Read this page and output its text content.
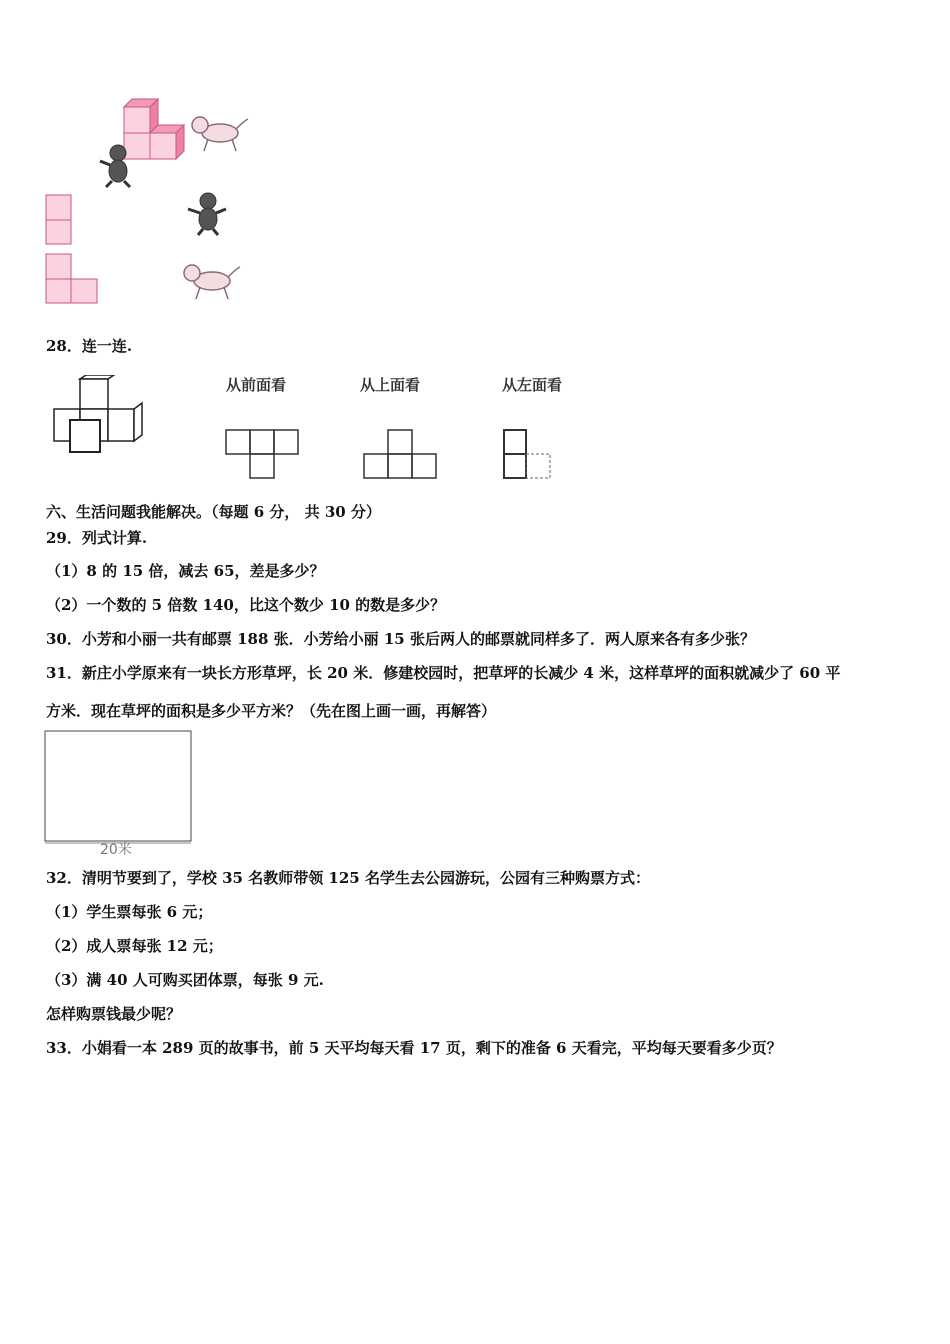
28．连一连.
从前面看	从上面看	从左面看
六、生活问题我能解决。（每题 6 分， 共 30 分）
29．列式计算.
（1）8 的 15 倍，减去 65，差是多少？
（2）一个数的 5 倍数 140，比这个数少 10 的数是多少？
30．小芳和小丽一共有邮票 188 张．小芳给小丽 15 张后两人的邮票就同样多了．两人原来各有多少张？
31．新庄小学原来有一块长方形草坪，长 20 米．修建校园时，把草坪的长减少 4 米，这样草坪的面积就减少了 60 平
方米．现在草坪的面积是多少平方米？（先在图上画一画，再解答）
20米
32．清明节要到了，学校 35 名教师带领 125 名学生去公园游玩，公园有三种购票方式：
（1）学生票每张 6 元；
（2）成人票每张 12 元；
（3）满 40 人可购买团体票，每张 9 元.
怎样购票钱最少呢？
33．小娟看一本 289 页的故事书，前 5 天平均每天看 17 页，剩下的准备 6 天看完，平均每天要看多少页？
